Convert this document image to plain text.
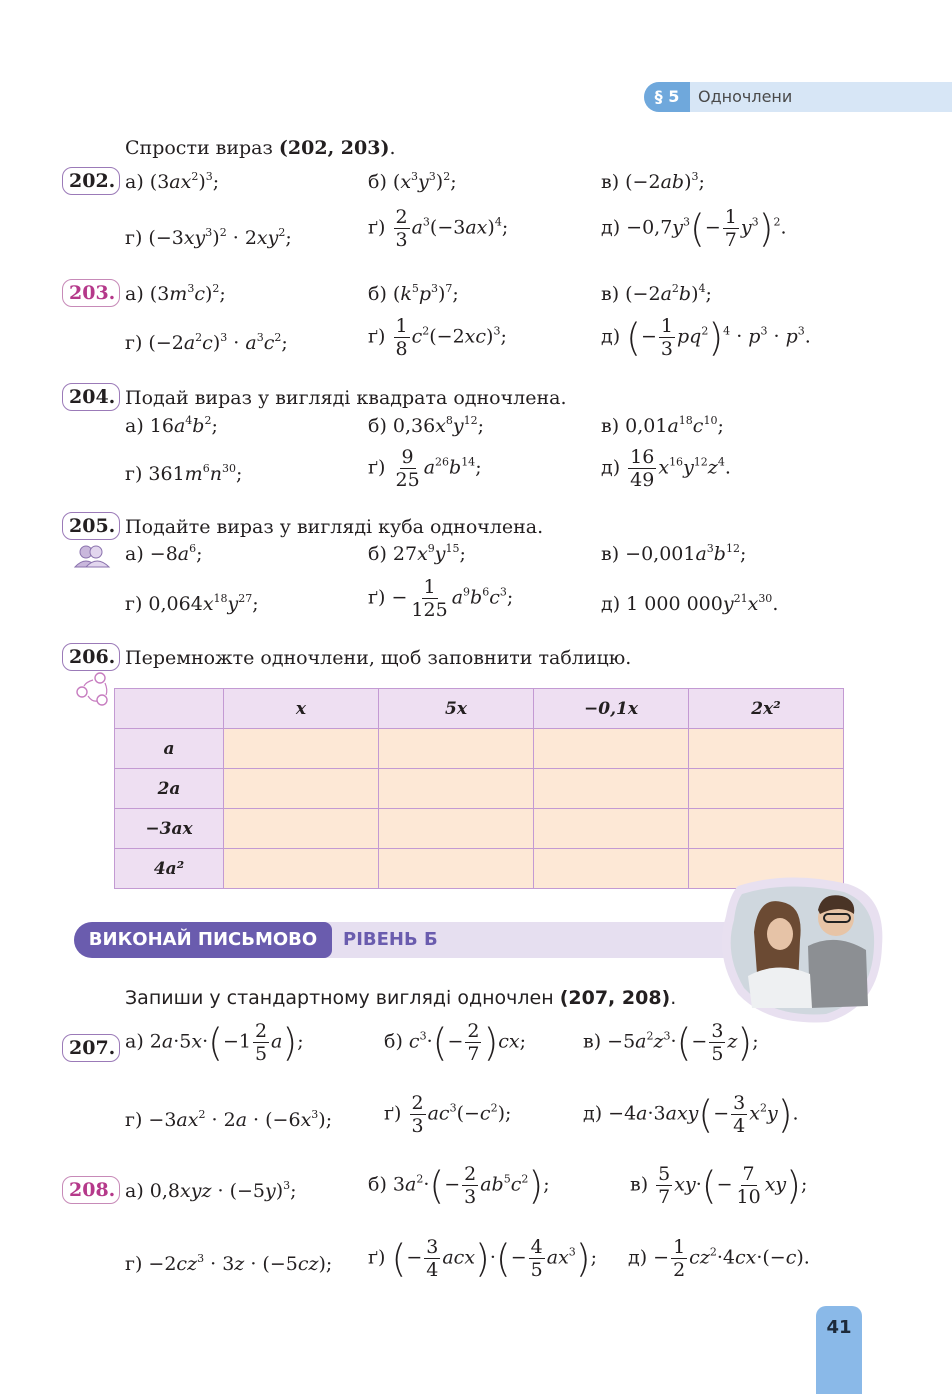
§ 5	Одночлени
Спрости вираз (202, 203).
202. а) $(3ax^2)^3$;	б) $(x^3y^3)^2$;	в) $(-2ab)^3$;
г) $(-3xy^3)^2 \cdot 2xy^2$;	$ґ) \frac{2}{3} a^3(-3ax)^4$;	$д) -0,7y^3(- \frac{1}{7} y^3)^2$.
203. а) $(3m^3c)^2$;	б) $(k^5p^3)^7$;	в) $(-2a^2b)^4$;
г) $(-2a^2c)^3 \cdot a^3c^2$;	$ґ) \frac{1}{8} c^2(-2xc)^3$;	д) (− $\frac{1}{3} pq^2)^4 \cdot p^3 \cdot p^3$.
204. Подай вираз у вигляді квадрата одночлена.
а) $16a^4b^2$;	б) $0,36x^8y^{12}$;	в) $0,01a^{18}c^{10}$;
г) $361m^6n^{30}$;	$ґ) \frac{9}{25} a^{26}b^{14}$;	$д) \frac{16}{49} x^{16}y^{12}z^4$.
205. Подайте вираз у вигляді куба одночлена.
$а) -8a^6$;	б) $27x^9y^{15}$;	$в) -0,001a^3b^{12}$;
г) $0,064x^{18}y^{27}$;	$ґ) - \frac{1}{125} a^9b^6c^3$;	д) 1 000 $000y^{21}x^{30}$.
206. Перемножте одночлени, щоб заповнити таблицю.
	x	5x	−0,1x	2x²
a				
2a				
−3ax				
4a²				
ВИКОНАЙ ПИСЬМОВО	РІВЕНЬ Б
Запиши у стандартному вигляді одночлен (207, 208).
207. а) $2a\cdot 5x\cdot(-1 \frac{2}{5} a)$;	б) $c^3\cdot(- \frac{2}{7} )cx$;	$в) -5a^2z^3\cdot(- \frac{3}{5} z)$;
$г) -3ax^2 \cdot 2a \cdot (-6x^3)$;	$ґ) \frac{2}{3} ac^3(-c^2)$;	$д) -4a\cdot 3axy(- \frac{3}{4} x^2y)$.
208. а) $0,8xyz \cdot (-5y)^3$;	б) $3a^2\cdot(- \frac{2}{3} ab^5c^2)$;	$в) \frac{5}{7} xy\cdot(- \frac{7}{10} xy)$;
$г) -2cz^3 \cdot 3z \cdot (-5cz)$; ґ) (− $\frac{3}{4} acx)\cdot(- \frac{4}{5} ax^3)$; $д) - \frac{1}{2} cz^2\cdot 4cx\cdot(-c)$.
41
